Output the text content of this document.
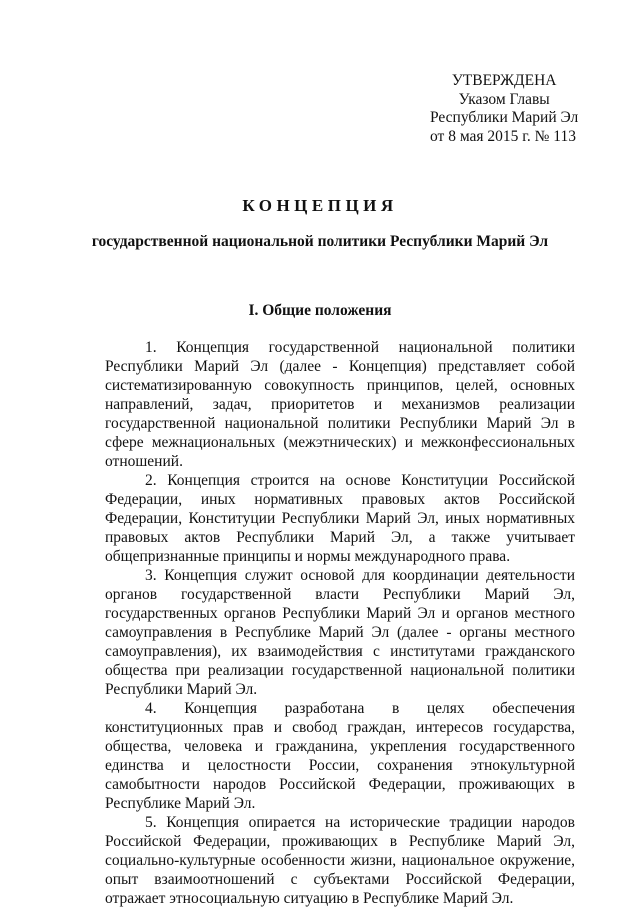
УТВЕРЖДЕНА
Указом Главы
Республики Марий Эл
от 8 мая 2015 г. № 113
КОНЦЕПЦИЯ
государственной национальной политики Республики Марий Эл
I. Общие положения

1. Концепция государственной национальной политики Республики Марий Эл (далее - Концепция) представляет собой систематизированную совокупность принципов, целей, основных направлений, задач, приоритетов и механизмов реализации государственной национальной политики Республики Марий Эл в сфере межнациональных (межэтнических) и межконфессиональных отношений.

2. Концепция строится на основе Конституции Российской Федерации, иных нормативных правовых актов Российской Федерации, Конституции Республики Марий Эл, иных нормативных правовых актов Республики Марий Эл, а также учитывает общепризнанные принципы и нормы международного права.

3. Концепция служит основой для координации деятельности органов государственной власти Республики Марий Эл, государственных органов Республики Марий Эл и органов местного самоуправления в Республике Марий Эл (далее - органы местного самоуправления), их взаимодействия с институтами гражданского общества при реализации государственной национальной политики Республики Марий Эл.

4. Концепция разработана в целях обеспечения конституционных прав и свобод граждан, интересов государства, общества, человека и гражданина, укрепления государственного единства и целостности России, сохранения этнокультурной самобытности народов Российской Федерации, проживающих в Республике Марий Эл.

5. Концепция опирается на исторические традиции народов Российской Федерации, проживающих в Республике Марий Эл, социально-культурные особенности жизни, национальное окружение, опыт взаимоотношений с субъектами Российской Федерации, отражает этносоциальную ситуацию в Республике Марий Эл.
